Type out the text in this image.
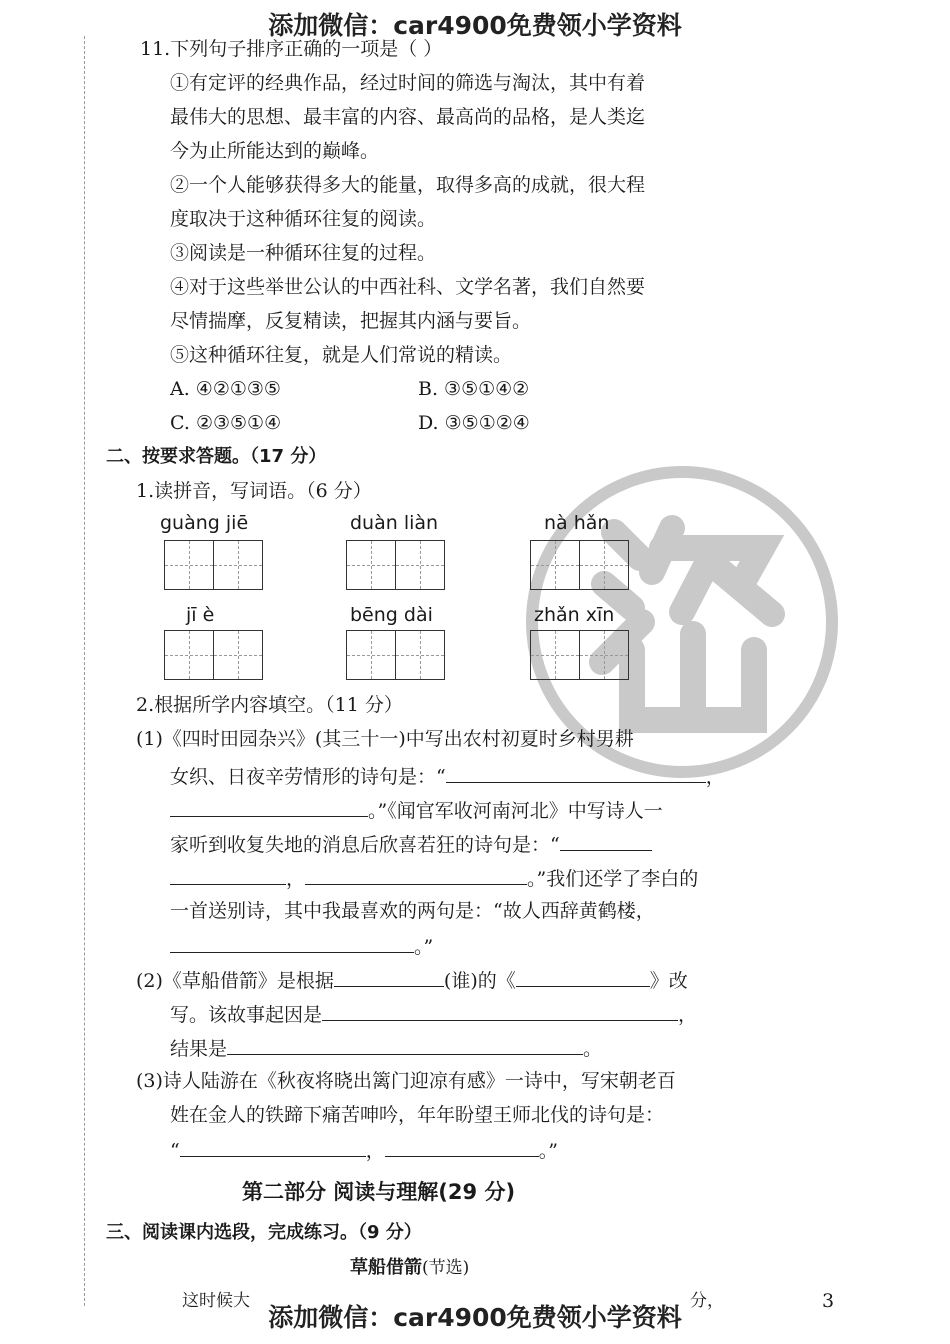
添加微信：car4900免费领小学资料
11.下列句子排序正确的一项是（ ）
①有定评的经典作品，经过时间的筛选与淘汰，其中有着
最伟大的思想、最丰富的内容、最高尚的品格，是人类迄
今为止所能达到的巅峰。
②一个人能够获得多大的能量，取得多高的成就，很大程
度取决于这种循环往复的阅读。
③阅读是一种循环往复的过程。
④对于这些举世公认的中西社科、文学名著，我们自然要
尽情揣摩，反复精读，把握其内涵与要旨。
⑤这种循环往复，就是人们常说的精读。
A. ④②①③⑤	B. ③⑤①④②
C. ②③⑤①④	D. ③⑤①②④
二、按要求答题。（17 分）
1.读拼音，写词语。（6 分）
guàng jiē	duàn liàn	nà hǎn
jī è	bēng dài	zhǎn xīn
2.根据所学内容填空。（11 分）
(1)《四时田园杂兴》(其三十一)中写出农村初夏时乡村男耕
女织、日夜辛劳情形的诗句是：“	，
。”《闻官军收河南河北》中写诗人一
家听到收复失地的消息后欣喜若狂的诗句是：“
，	。”我们还学了李白的
一首送别诗，其中我最喜欢的两句是：“故人西辞黄鹤楼，
。”
(2)《草船借箭》是根据	(谁)的《	》改
写。该故事起因是	，
结果是	。
(3)诗人陆游在《秋夜将晓出篱门迎凉有感》一诗中，写宋朝老百
姓在金人的铁蹄下痛苦呻吟，年年盼望王师北伐的诗句是：
“	，	。”
第二部分 阅读与理解(29 分)
三、阅读课内选段，完成练习。（9 分）
草船借箭(节选)
这时候大	分，	3
添加微信：car4900免费领小学资料
